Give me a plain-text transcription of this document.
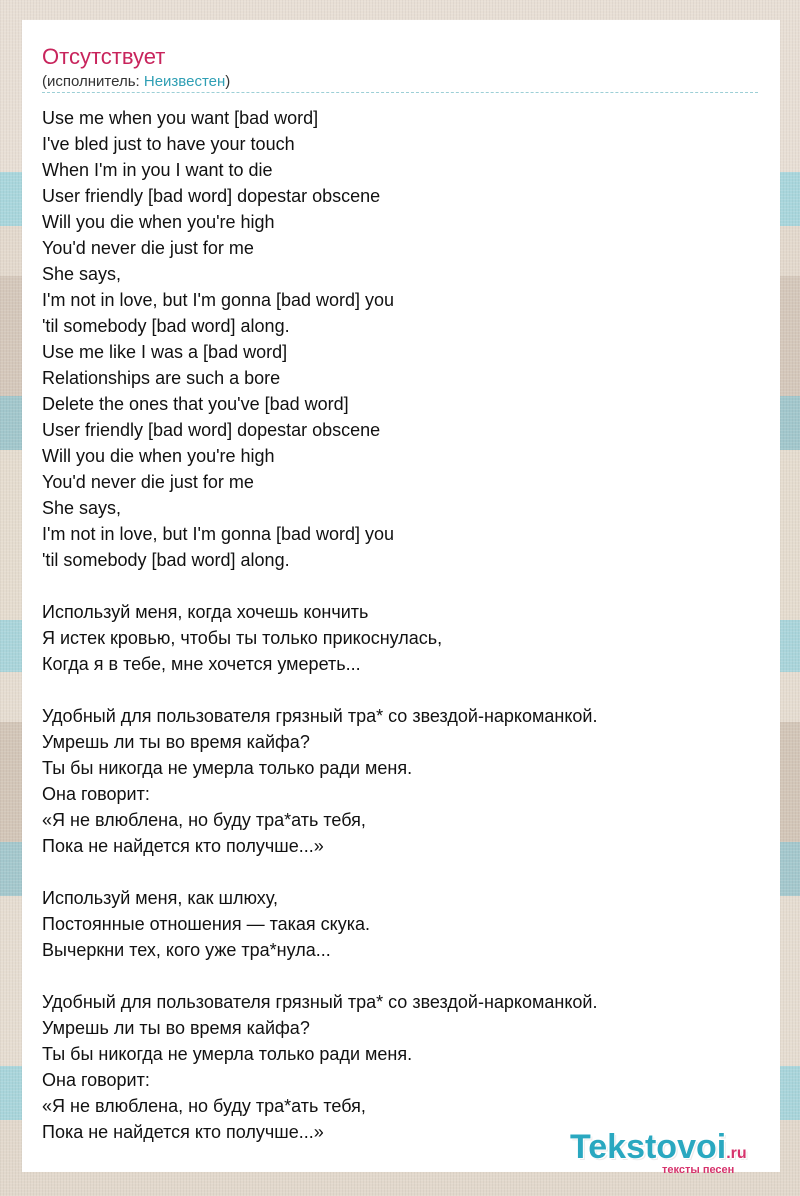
Отсутствует
(исполнитель: Неизвестен)
Use me when you want [bad word]
I've bled just to have your touch
When I'm in you I want to die
User friendly [bad word] dopestar obscene
Will you die when you're high
You'd never die just for me
She says,
I'm not in love, but I'm gonna [bad word] you
'til somebody [bad word] along.
Use me like I was a [bad word]
Relationships are such a bore
Delete the ones that you've [bad word]
User friendly [bad word] dopestar obscene
Will you die when you're high
You'd never die just for me
She says,
I'm not in love, but I'm gonna [bad word] you
'til somebody [bad word] along.
Используй меня, когда хочешь кончить
Я истек кровью, чтобы ты только прикоснулась,
Когда я в тебе, мне хочется умереть...
Удобный для пользователя грязный тра* со звездой-наркоманкой.
Умрешь ли ты во время кайфа?
Ты бы никогда не умерла только ради меня.
Она говорит:
«Я не влюблена, но буду тра*ать тебя,
Пока не найдется кто получше...»
Используй меня, как шлюху,
Постоянные отношения — такая скука.
Вычеркни тех, кого уже тра*нула...
Удобный для пользователя грязный тра* со звездой-наркоманкой.
Умрешь ли ты во время кайфа?
Ты бы никогда не умерла только ради меня.
Она говорит:
«Я не влюблена, но буду тра*ать тебя,
Пока не найдется кто получше...»	Tekstovoi.ru
тексты песен
